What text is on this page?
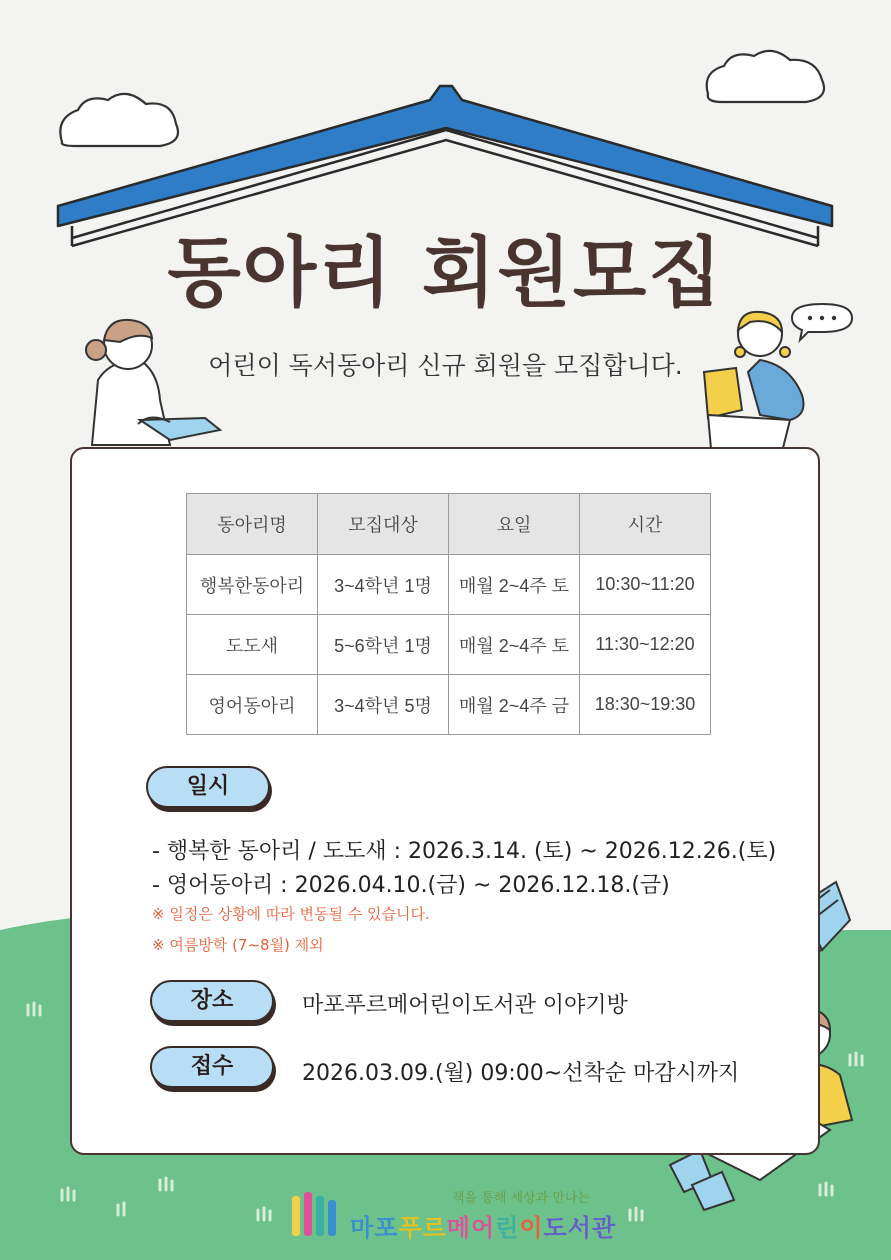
동아리 회원모집
어린이 독서동아리 신규 회원을 모집합니다.
동아리명	모집대상	요일	시간
행복한동아리	3~4학년 1명	매월 2~4주 토	10:30~11:20
도도새	5~6학년 1명	매월 2~4주 토	11:30~12:20
영어동아리	3~4학년 5명	매월 2~4주 금	18:30~19:30
일시
- 행복한 동아리 / 도도새 : 2026.3.14. (토) ~ 2026.12.26.(토)
- 영어동아리 : 2026.04.10.(금) ~ 2026.12.18.(금)
※ 일정은 상황에 따라 변동될 수 있습니다.
※ 여름방학 (7~8월) 제외
장소	마포푸르메어린이도서관 이야기방
접수	2026.03.09.(월) 09:00~선착순 마감시까지
책을 통해 세상과 만나는
마포푸르메어린이도서관
